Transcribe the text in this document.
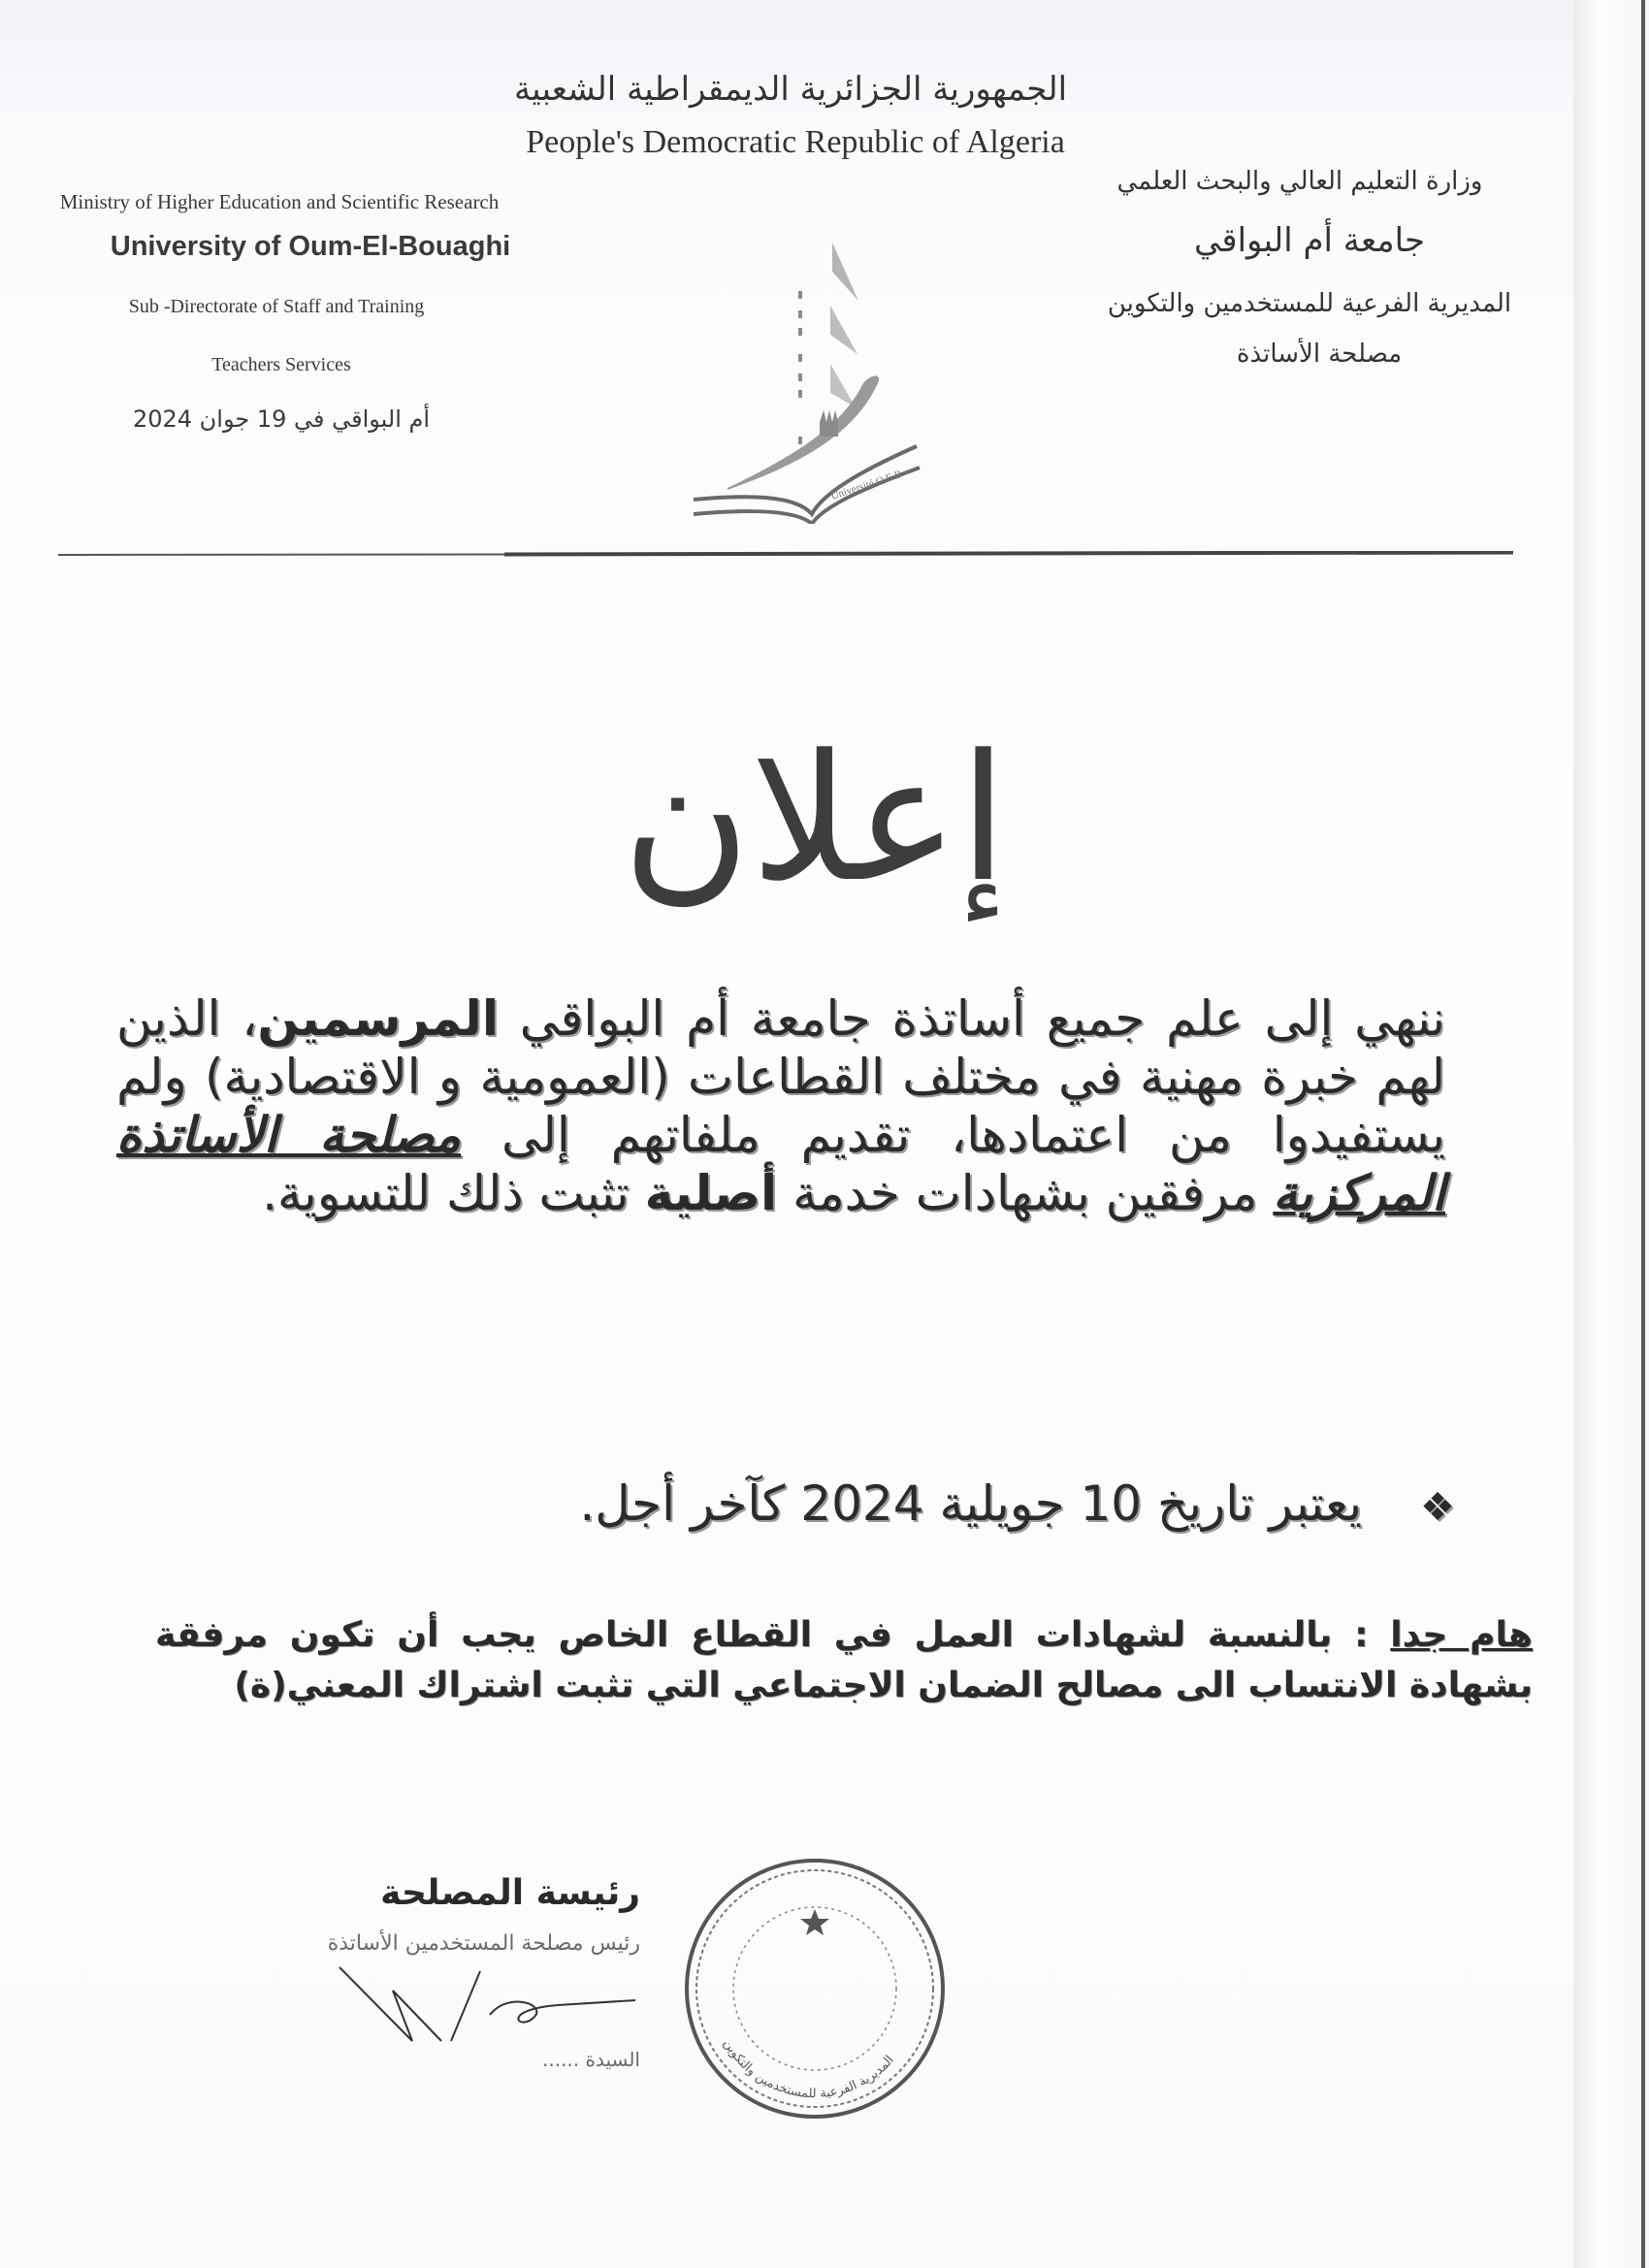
الجمهورية الجزائرية الديمقراطية الشعبية
People's Democratic Republic of Algeria
Ministry of Higher Education and Scientific Research
University of Oum-El-Bouaghi
Sub -Directorate of Staff and Training
Teachers Services
أم البواقي في 19 جوان 2024
وزارة التعليم العالي والبحث العلمي
جامعة أم البواقي
المديرية الفرعية للمستخدمين والتكوين
مصلحة الأساتذة
Université O E B
إعلان
ننهي إلى علم جميع أساتذة جامعة أم البواقي المرسمين، الذين لهم خبرة مهنية في مختلف القطاعات (العمومية و الاقتصادية) ولم يستفيدوا من اعتمادها، تقديم ملفاتهم إلى مصلحة الأساتذة المركزية مرفقين بشهادات خدمة أصلية تثبت ذلك للتسوية.
❖يعتبر تاريخ 10 جويلية 2024 كآخر أجل.
هام جدا : بالنسبة لشهادات العمل في القطاع الخاص يجب أن تكون مرفقة بشهادة الانتساب الى مصالح الضمان الاجتماعي التي تثبت اشتراك المعني(ة)
رئيسة المصلحة
رئيس مصلحة المستخدمين الأساتذة
السيدة ......
المديرية الفرعية للمستخدمين والتكوين
